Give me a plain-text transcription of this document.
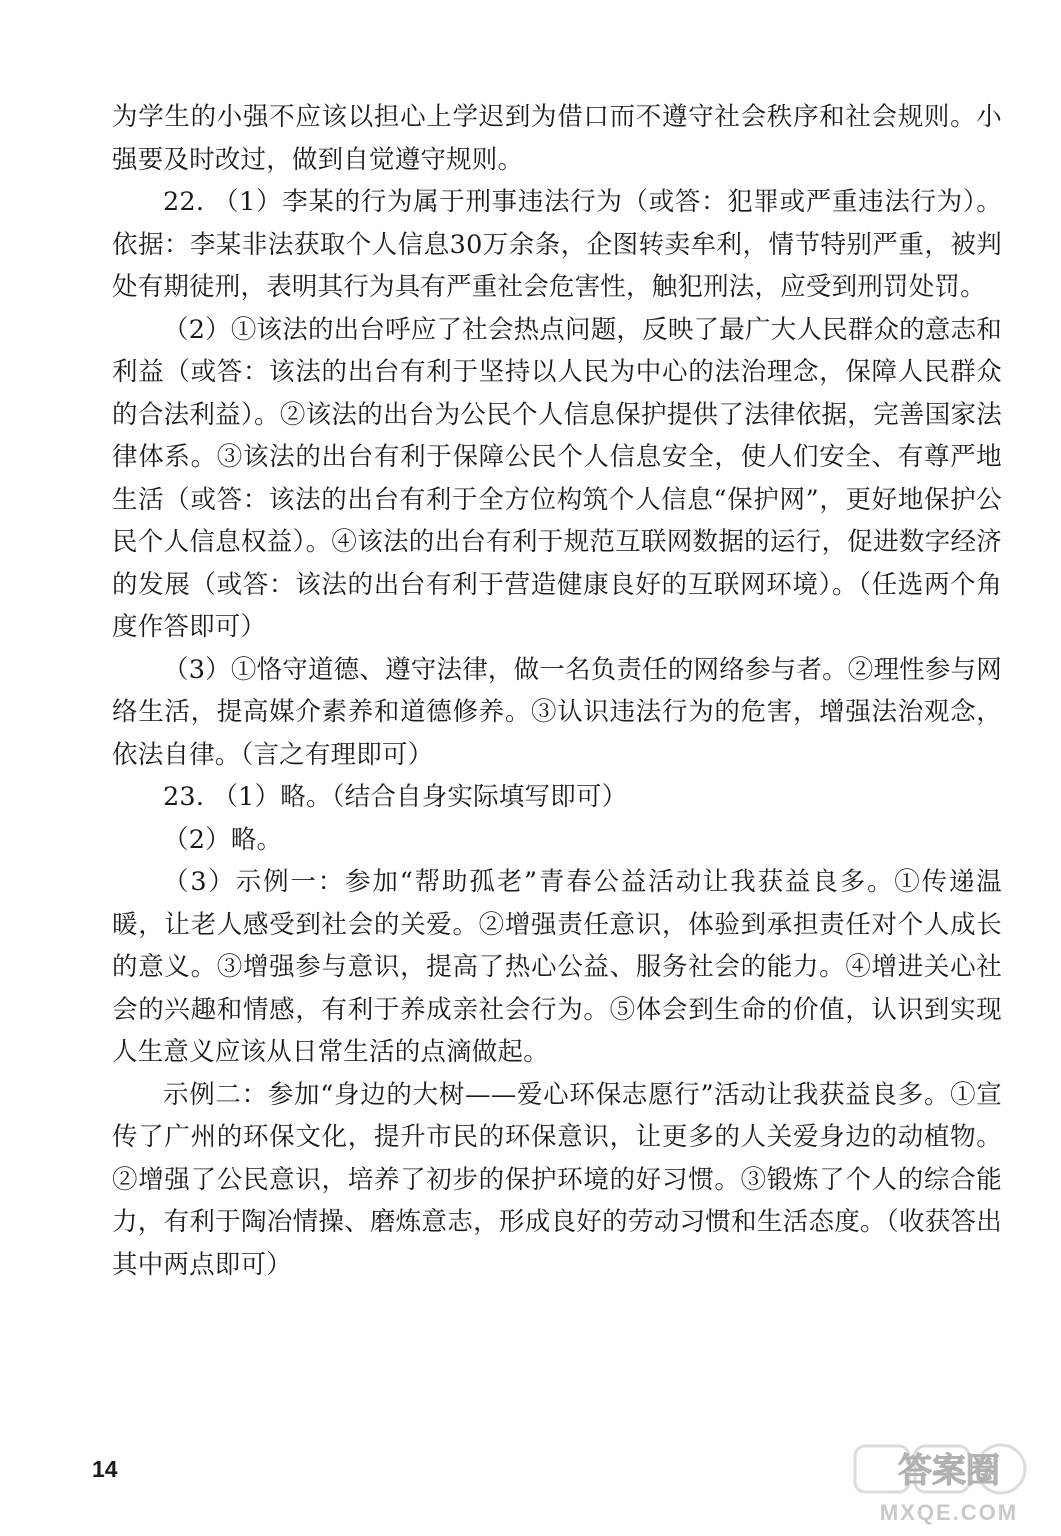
为学生的小强不应该以担心上学迟到为借口而不遵守社会秩序和社会规则。小强要及时改过，做到自觉遵守规则。

22. （1）李某的行为属于刑事违法行为（或答：犯罪或严重违法行为）。依据：李某非法获取个人信息30万余条，企图转卖牟利，情节特别严重，被判处有期徒刑，表明其行为具有严重社会危害性，触犯刑法，应受到刑罚处罚。

（2）①该法的出台呼应了社会热点问题，反映了最广大人民群众的意志和利益（或答：该法的出台有利于坚持以人民为中心的法治理念，保障人民群众的合法利益）。②该法的出台为公民个人信息保护提供了法律依据，完善国家法律体系。③该法的出台有利于保障公民个人信息安全，使人们安全、有尊严地生活（或答：该法的出台有利于全方位构筑个人信息“保护网”，更好地保护公民个人信息权益）。④该法的出台有利于规范互联网数据的运行，促进数字经济的发展（或答：该法的出台有利于营造健康良好的互联网环境）。（任选两个角度作答即可）

（3）①恪守道德、遵守法律，做一名负责任的网络参与者。②理性参与网络生活，提高媒介素养和道德修养。③认识违法行为的危害，增强法治观念，依法自律。（言之有理即可）

23. （1）略。（结合自身实际填写即可）

（2）略。

（3）示例一：参加“帮助孤老”青春公益活动让我获益良多。①传递温暖，让老人感受到社会的关爱。②增强责任意识，体验到承担责任对个人成长的意义。③增强参与意识，提高了热心公益、服务社会的能力。④增进关心社会的兴趣和情感，有利于养成亲社会行为。⑤体会到生命的价值，认识到实现人生意义应该从日常生活的点滴做起。

示例二：参加“身边的大树——爱心环保志愿行”活动让我获益良多。①宣传了广州的环保文化，提升市民的环保意识，让更多的人关爱身边的动植物。②增强了公民意识，培养了初步的保护环境的好习惯。③锻炼了个人的综合能力，有利于陶冶情操、磨炼意志，形成良好的劳动习惯和生活态度。（收获答出其中两点即可）

14	答案圈
MXQE.COM
